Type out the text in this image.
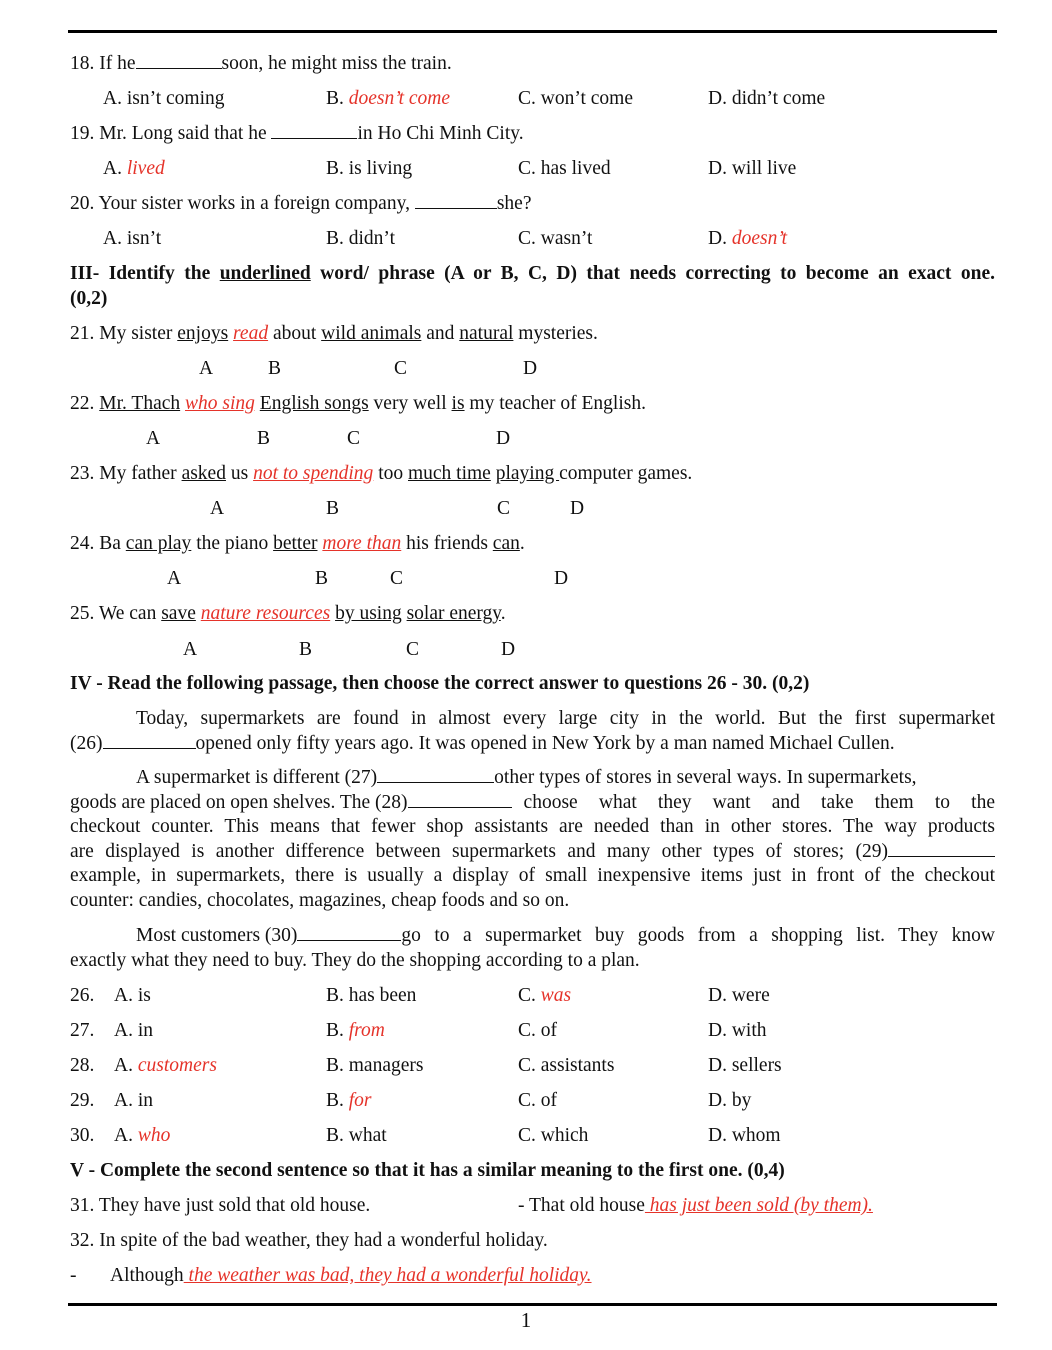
18. If he	soon, he might miss the train.
A. isn’t coming	B. doesn’t come	C. won’t come	D. didn’t come
19. Mr. Long said that he	in Ho Chi Minh City.
A. lived	B. is living	C. has lived	D. will live
20. Your sister works in a foreign company,	she?
A. isn’t	B. didn’t	C. wasn’t	D. doesn’t
III- Identify the underlined word/ phrase (A or B, C, D) that needs correcting to become an exact one.
(0,2)
21. My sister enjoys read about wild animals and natural mysteries.
A	B	C	D
22. Mr. Thach who sing English songs very well is my teacher of English.
A	B	C	D
23. My father asked us not to spending too much time playing computer games.
A	B	C	D
24. Ba can play the piano better more than his friends can.
A	B	C	D
25. We can save nature resources by using solar energy.
A	B	C	D
IV - Read the following passage, then choose the correct answer to questions 26 - 30. (0,2)
Today, supermarkets are found in almost every large city in the world. But the first supermarket
(26)	opened only fifty years ago. It was opened in New York by a man named Michael Cullen.
A supermarket is different (27)	other types of stores in several ways. In supermarkets,
goods are placed on open shelves. The (28)	choose what they want and take them to the
checkout counter. This means that fewer shop assistants are needed than in other stores. The way products
are displayed is another difference between supermarkets and many other types of stores; (29)
example, in supermarkets, there is usually a display of small inexpensive items just in front of the checkout
counter: candies, chocolates, magazines, cheap foods and so on.
Most customers (30)	go to a supermarket buy goods from a shopping list. They know
exactly what they need to buy. They do the shopping according to a plan.
26. A. is	B. has been	C. was	D. were
27. A. in	B. from	C. of	D. with
28. A. customers	B. managers	C. assistants	D. sellers
29. A. in	B. for	C. of	D. by
30. A. who	B. what	C. which	D. whom
V - Complete the second sentence so that it has a similar meaning to the first one. (0,4)
31. They have just sold that old house.	- That old house has just been sold (by them).
32. In spite of the bad weather, they had a wonderful holiday.
- Although the weather was bad, they had a wonderful holiday.
1
